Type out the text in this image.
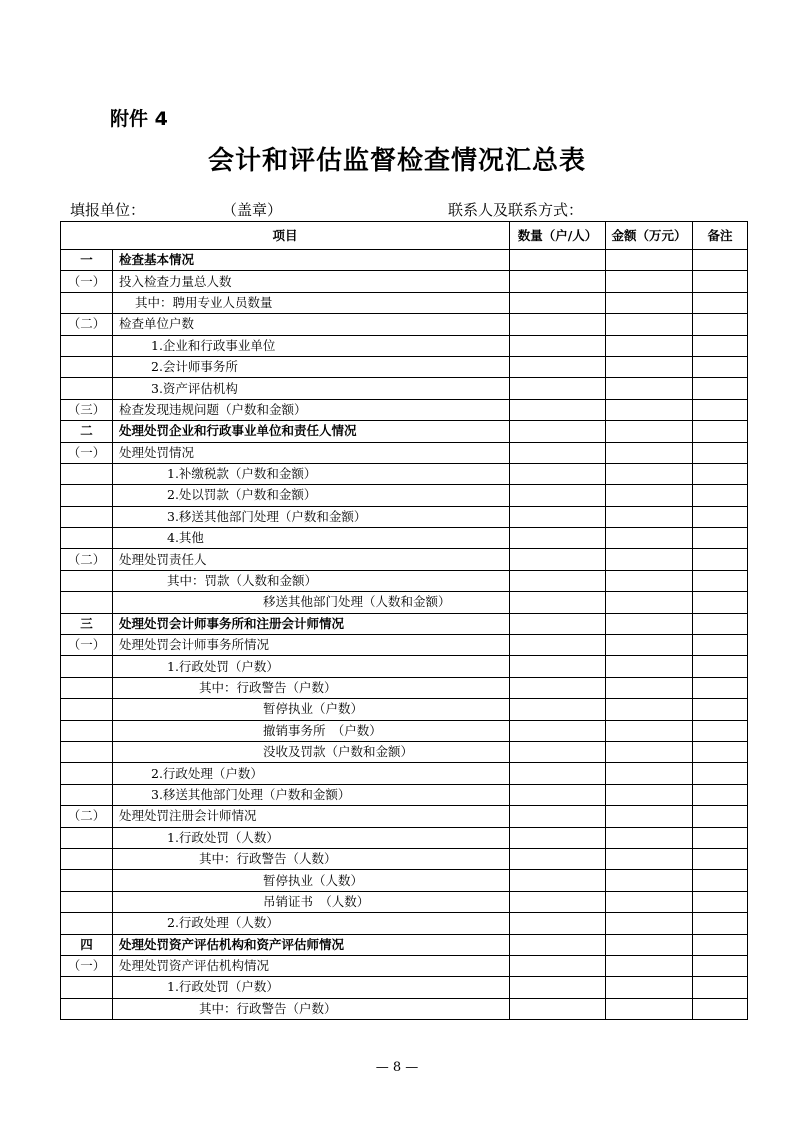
附件 4
会计和评估监督检查情况汇总表
填报单位：	（盖章）	联系人及联系方式：
项目		数量（户/人）	金额（万元）	备注
一	检查基本情况			
（一）	投入检查力量总人数			
	其中：聘用专业人员数量			
（二）	检查单位户数			
	1.企业和行政事业单位			
	2.会计师事务所			
	3.资产评估机构			
（三）	检查发现违规问题（户数和金额）			
二	处理处罚企业和行政事业单位和责任人情况			
（一）	处理处罚情况			
	1.补缴税款（户数和金额）			
	2.处以罚款（户数和金额）			
	3.移送其他部门处理（户数和金额）			
	4.其他			
（二）	处理处罚责任人			
	其中：罚款（人数和金额）			
	移送其他部门处理（人数和金额）			
三	处理处罚会计师事务所和注册会计师情况			
（一）	处理处罚会计师事务所情况			
	1.行政处罚（户数）			
	其中：行政警告（户数）			
	暂停执业（户数）			
	撤销事务所　（户数）			
	没收及罚款（户数和金额）			
	2.行政处理（户数）			
	3.移送其他部门处理（户数和金额）			
（二）	处理处罚注册会计师情况			
	1.行政处罚（人数）			
	其中：行政警告（人数）			
	暂停执业（人数）			
	吊销证书　（人数）			
	2.行政处理（人数）			
四	处理处罚资产评估机构和资产评估师情况			
（一）	处理处罚资产评估机构情况			
	1.行政处罚（户数）			
	其中：行政警告（户数）			
— 8 —
